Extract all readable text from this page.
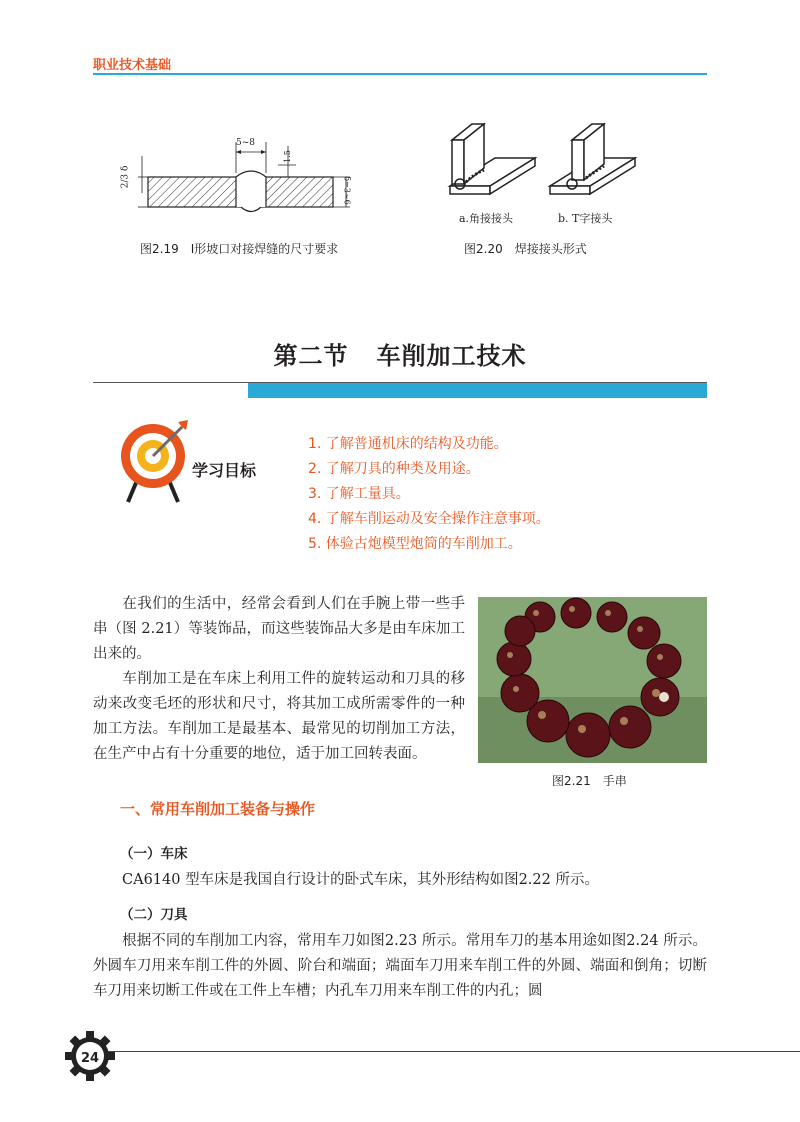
职业技术基础
5~8
1.5
2/3 δ	δ=3~6
图2.19　Ⅰ形坡口对接焊缝的尺寸要求
a.角接接头	b. T字接头
图2.20　焊接接头形式
第二节 车削加工技术
学习目标
1. 了解普通机床的结构及功能。
2. 了解刀具的种类及用途。
3. 了解工量具。
4. 了解车削运动及安全操作注意事项。
5. 体验古炮模型炮筒的车削加工。
在我们的生活中，经常会看到人们在手腕上带一些手串（图 2.21）等装饰品，而这些装饰品大多是由车床加工出来的。
车削加工是在车床上利用工件的旋转运动和刀具的移动来改变毛坯的形状和尺寸，将其加工成所需零件的一种加工方法。车削加工是最基本、最常见的切削加工方法，在生产中占有十分重要的地位，适于加工回转表面。
图2.21　手串
一、常用车削加工装备与操作
（一）车床
CA6140 型车床是我国自行设计的卧式车床，其外形结构如图2.22 所示。
（二）刀具
根据不同的车削加工内容，常用车刀如图2.23 所示。常用车刀的基本用途如图2.24 所示。外圆车刀用来车削工件的外圆、阶台和端面；端面车刀用来车削工件的外圆、端面和倒角；切断车刀用来切断工件或在工件上车槽；内孔车刀用来车削工件的内孔；圆
24
